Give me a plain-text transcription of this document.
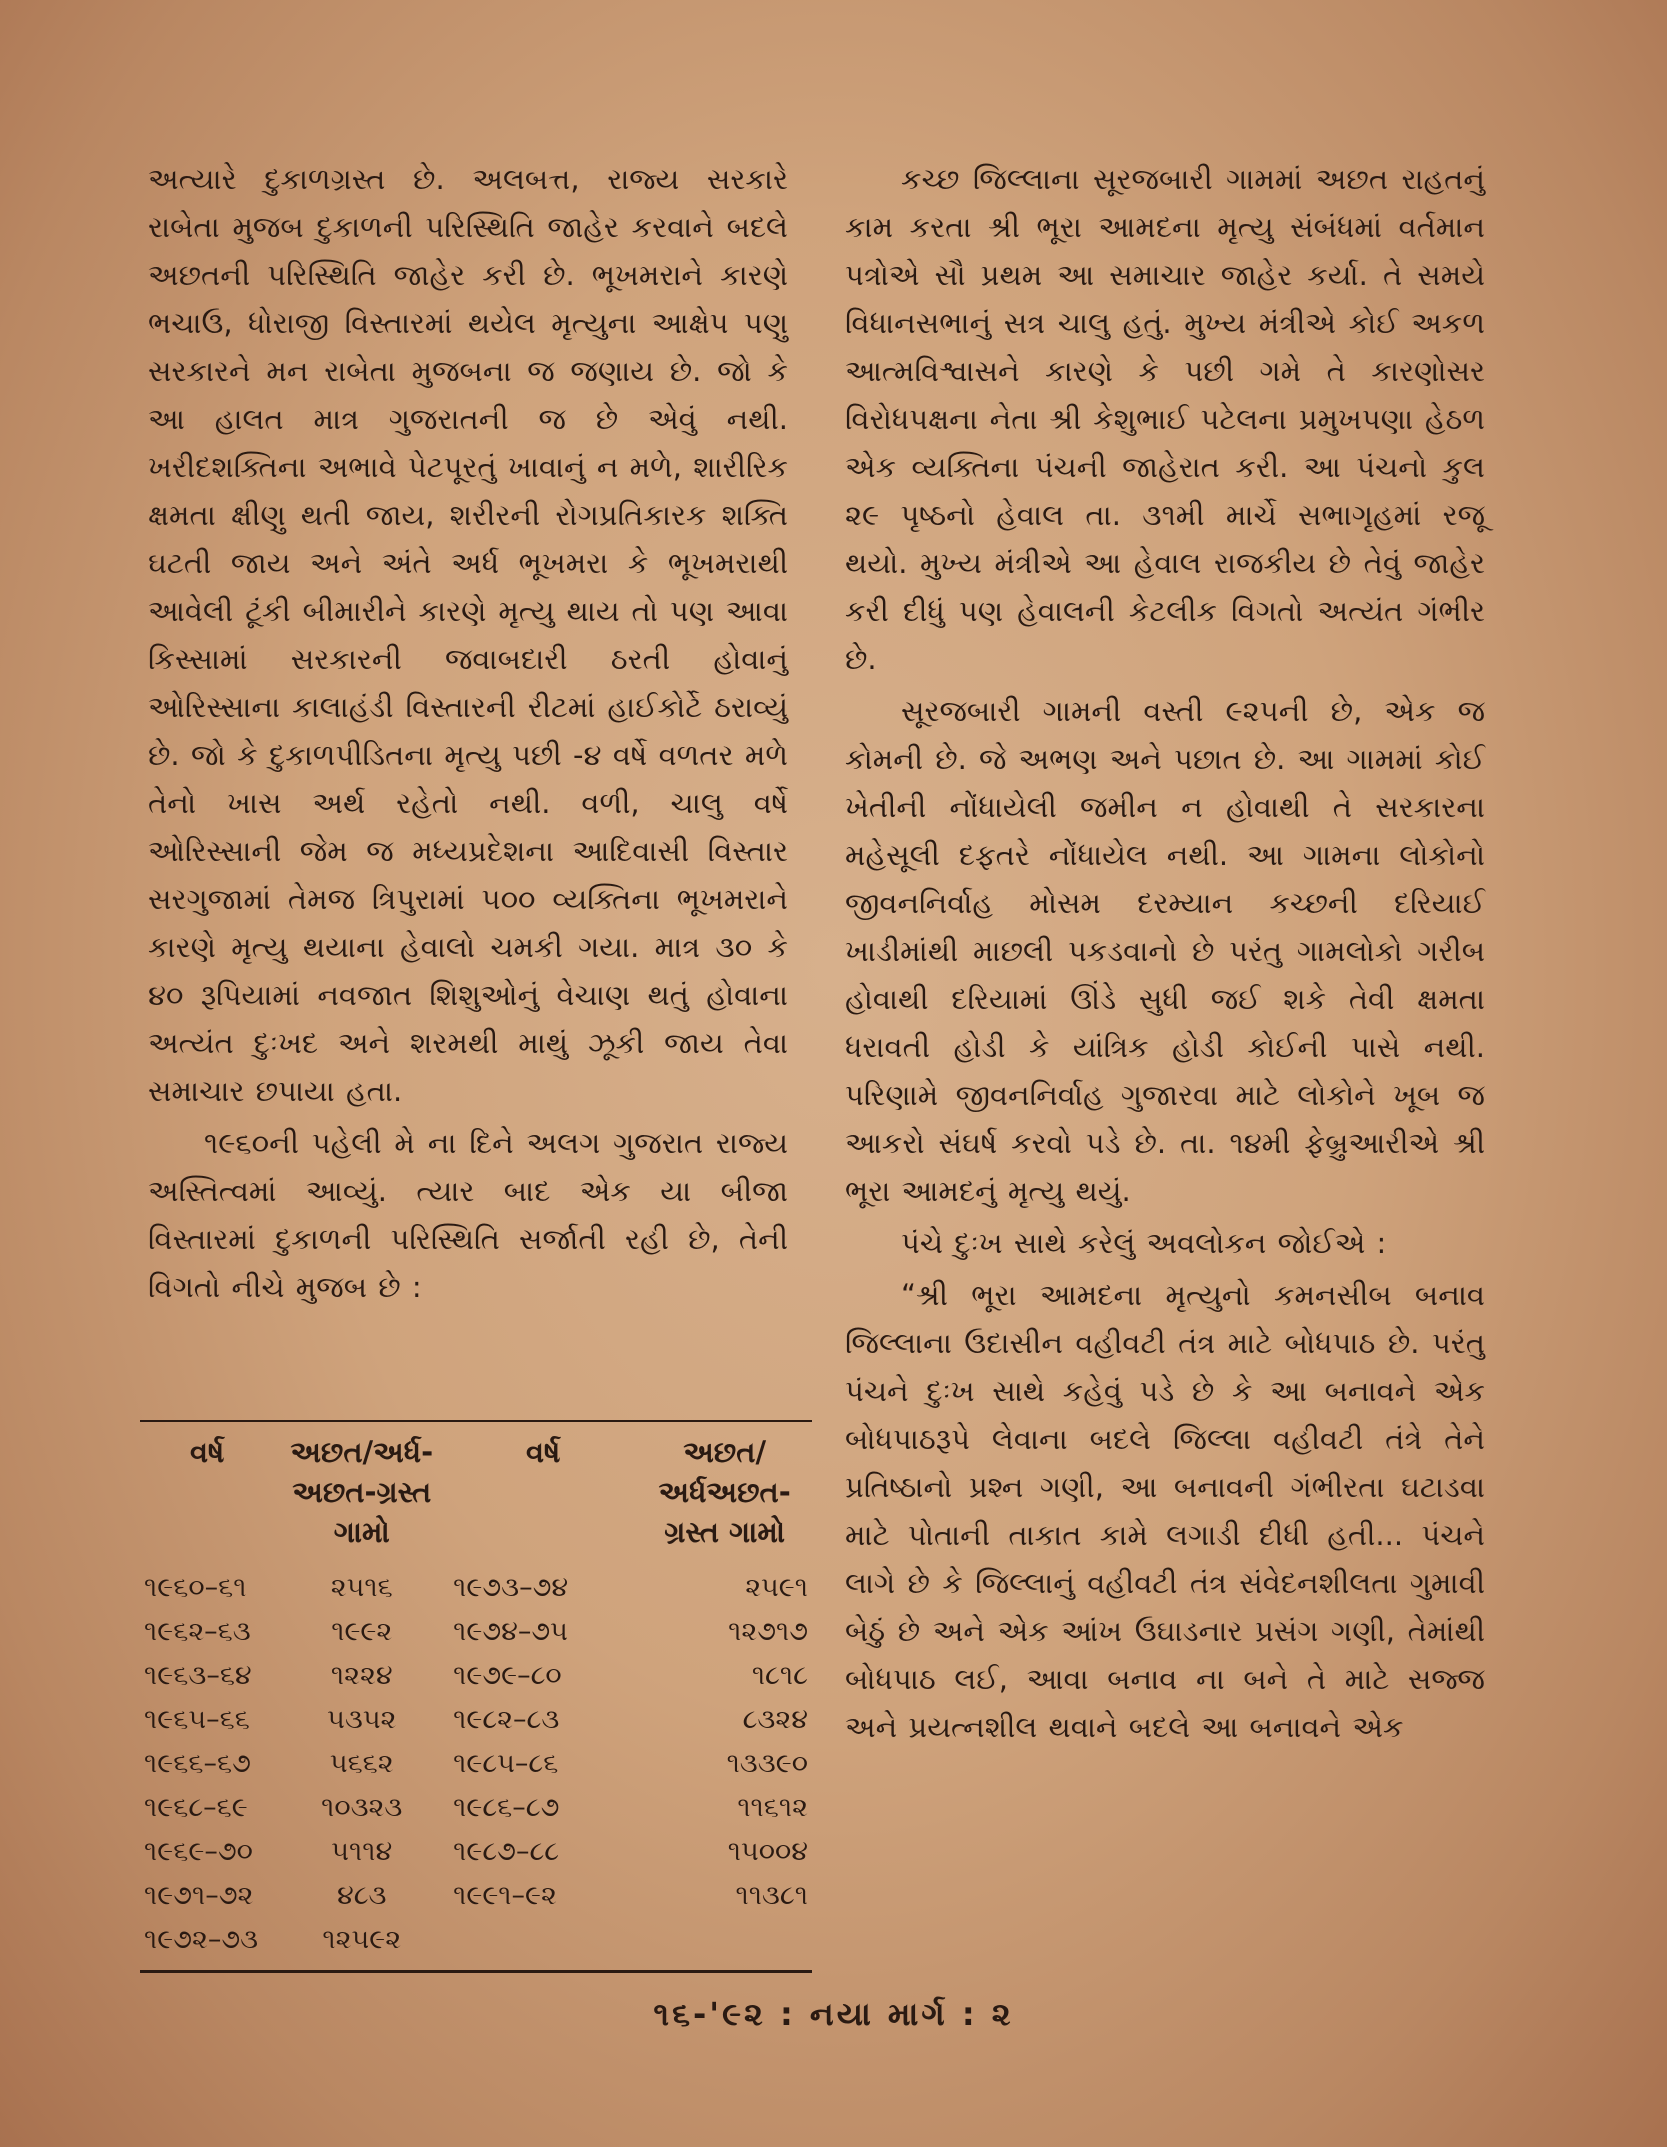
અત્યારે દુકાળગ્રસ્ત છે. અલબત્ત, રાજ્ય સરકારે રાબેતા મુજબ દુકાળની પરિસ્થિતિ જાહેર કરવાને બદલે અછતની પરિસ્થિતિ જાહેર કરી છે. ભૂખમરાને કારણે ભચાઉ, ધોરાજી વિસ્તારમાં થયેલ મૃત્યુના આક્ષેપ પણુ સરકારને મન રાબેતા મુજબના જ જણાય છે. જો કે આ હાલત માત્ર ગુજરાતની જ છે એવું નથી. ખરીદશક્તિના અભાવે પેટપૂરતું ખાવાનું ન મળે, શારીરિક ક્ષમતા ક્ષીણુ થતી જાય, શરીરની રોગપ્રતિકારક શક્તિ ઘટતી જાય અને અંતે અર્ધ ભૂખમરા કે ભૂખમરાથી આવેલી ટૂંકી બીમારીને કારણે મૃત્યુ થાય તો પણ આવા કિસ્સામાં સરકારની જવાબદારી ઠરતી હોવાનું ઓરિસ્સાના કાલાહંડી વિસ્તારની રીટમાં હાઈકોર્ટે ઠરાવ્યું છે. જો કે દુકાળપીડિતના મૃત્યુ પછી -૪ વર્ષે વળતર મળે તેનો ખાસ અર્થ રહેતો નથી. વળી, ચાલુ વર્ષે ઓરિસ્સાની જેમ જ મધ્યપ્રદેશના આદિવાસી વિસ્તાર સરગુજામાં તેમજ ત્રિપુરામાં ૫૦૦ વ્યક્તિના ભૂખમરાને કારણે મૃત્યુ થયાના હેવાલો ચમકી ગયા. માત્ર ૩૦ કે ૪૦ રૂપિયામાં નવજાત શિશુઓનું વેચાણ થતું હોવાના અત્યંત દુઃખદ અને શરમથી માથું ઝૂકી જાય તેવા સમાચાર છપાયા હતા.

૧૯૬૦ની પહેલી મે ના દિને અલગ ગુજરાત રાજ્ય અસ્તિત્વમાં આવ્યું. ત્યાર બાદ એક યા બીજા વિસ્તારમાં દુકાળની પરિસ્થિતિ સર્જાતી રહી છે, તેની વિગતો નીચે મુજબ છે :

વર્ષ	અછત/અર્ધ-અછત-ગ્રસ્ત ગામો	વર્ષ	અછત/અર્ધઅછત-ગ્રસ્ત ગામો
૧૯૬૦–૬૧	૨૫૧૬	૧૯૭૩–૭૪	૨૫૯૧
૧૯૬૨–૬૩	૧૯૯૨	૧૯૭૪–૭૫	૧૨૭૧૭
૧૯૬૩–૬૪	૧૨૨૪	૧૯૭૯–૮૦	૧૮૧૮
૧૯૬૫–૬૬	૫૩૫૨	૧૯૮૨–૮૩	૮૩૨૪
૧૯૬૬–૬૭	૫૬૬૨	૧૯૮૫–૮૬	૧૩૩૯૦
૧૯૬૮–૬૯	૧૦૩૨૩	૧૯૮૬–૮૭	૧૧૬૧૨
૧૯૬૯–૭૦	૫૧૧૪	૧૯૮૭–૮૮	૧૫૦૦૪
૧૯૭૧–૭૨	૪૮૩	૧૯૯૧–૯૨	૧૧૩૮૧
૧૯૭૨–૭૩	૧૨૫૯૨		

કચ્છ જિલ્લાના સૂરજબારી ગામમાં અછત રાહતનું કામ કરતા શ્રી ભૂરા આમદના મૃત્યુ સંબંધમાં વર્તમાન પત્રોએ સૌ પ્રથમ આ સમાચાર જાહેર કર્યા. તે સમયે વિધાનસભાનું સત્ર ચાલુ હતું. મુખ્ય મંત્રીએ કોઈ અકળ આત્મવિશ્વાસને કારણે કે પછી ગમે તે કારણોસર વિરોધપક્ષના નેતા શ્રી કેશુભાઈ પટેલના પ્રમુખપણા હેઠળ એક વ્યક્તિના પંચની જાહેરાત કરી. આ પંચનો કુલ ૨૯ પૃષ્ઠનો હેવાલ તા. ૩૧મી માર્ચે સભાગૃહમાં રજૂ થયો. મુખ્ય મંત્રીએ આ હેવાલ રાજકીય છે તેવું જાહેર કરી દીધું પણ હેવાલની કેટલીક વિગતો અત્યંત ગંભીર છે.

સૂરજબારી ગામની વસ્તી ૯૨૫ની છે, એક જ કોમની છે. જે અભણ અને પછાત છે. આ ગામમાં કોઈ ખેતીની નોંધાયેલી જમીન ન હોવાથી તે સરકારના મહેસૂલી દફતરે નોંધાયેલ નથી. આ ગામના લોકોનો જીવનનિર્વાહ મોસમ દરમ્યાન કચ્છની દરિયાઈ ખાડીમાંથી માછલી પકડવાનો છે પરંતુ ગામલોકો ગરીબ હોવાથી દરિયામાં ઊંડે સુધી જઈ શકે તેવી ક્ષમતા ધરાવતી હોડી કે યાંત્રિક હોડી કોઈની પાસે નથી. પરિણામે જીવનનિર્વાહ ગુજારવા માટે લોકોને ખૂબ જ આકરો સંઘર્ષ કરવો પડે છે. તા. ૧૪મી ફેબ્રુઆરીએ શ્રી ભૂરા આમદનું મૃત્યુ થયું.

પંચે દુઃખ સાથે કરેલું અવલોકન જોઈએ :

“શ્રી ભૂરા આમદના મૃત્યુનો કમનસીબ બનાવ જિલ્લાના ઉદાસીન વહીવટી તંત્ર માટે બોધપાઠ છે. પરંતુ પંચને દુઃખ સાથે કહેવું પડે છે કે આ બનાવને એક બોધપાઠરૂપે લેવાના બદલે જિલ્લા વહીવટી તંત્રે તેને પ્રતિષ્ઠાનો પ્રશ્ન ગણી, આ બનાવની ગંભીરતા ઘટાડવા માટે પોતાની તાકાત કામે લગાડી દીધી હતી... પંચને લાગે છે કે જિલ્લાનું વહીવટી તંત્ર સંવેદનશીલતા ગુમાવી બેઠું છે અને એક આંખ ઉઘાડનાર પ્રસંગ ગણી, તેમાંથી બોધપાઠ લઈ, આવા બનાવ ના બને તે માટે સજ્જ અને પ્રયત્નશીલ થવાને બદલે આ બનાવને એક

૧૬-'૯૨ : નયા માર્ગ : ૨
